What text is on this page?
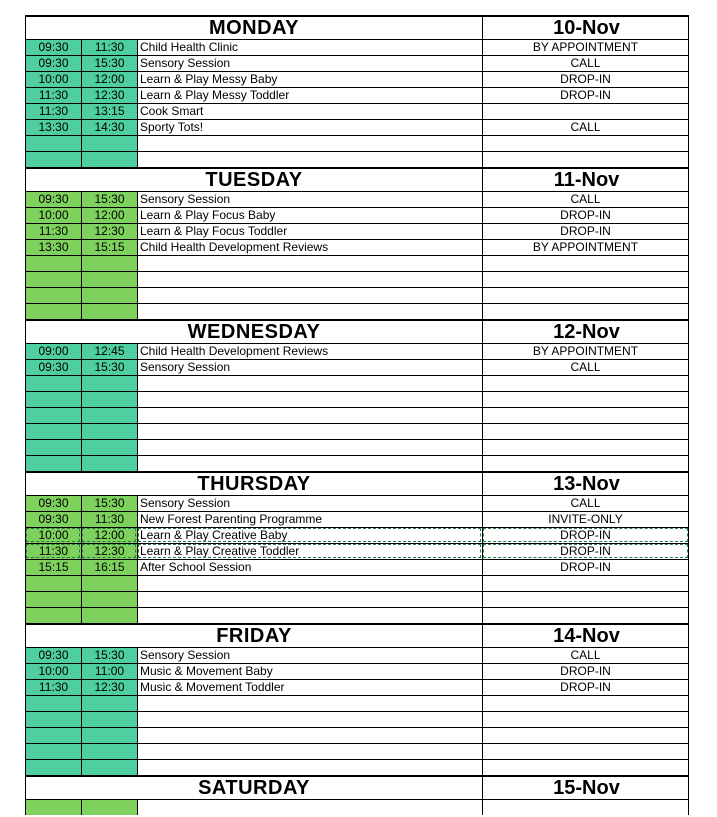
MONDAY	10-Nov
09:30	11:30	Child Health Clinic	BY APPOINTMENT
09:30	15:30	Sensory Session	CALL
10:00	12:00	Learn & Play Messy Baby	DROP-IN
11:30	12:30	Learn & Play Messy Toddler	DROP-IN
11:30	13:15	Cook Smart
13:30	14:30	Sporty Tots!	CALL
TUESDAY	11-Nov
09:30	15:30	Sensory Session	CALL
10:00	12:00	Learn & Play Focus Baby	DROP-IN
11:30	12:30	Learn & Play Focus Toddler	DROP-IN
13:30	15:15	Child Health Development Reviews	BY APPOINTMENT
WEDNESDAY	12-Nov
09:00	12:45	Child Health Development Reviews	BY APPOINTMENT
09:30	15:30	Sensory Session	CALL
THURSDAY	13-Nov
09:30	15:30	Sensory Session	CALL
09:30	11:30	New Forest Parenting Programme	INVITE-ONLY
10:00	12:00	Learn & Play Creative Baby	DROP-IN
11:30	12:30	Learn & Play Creative Toddler	DROP-IN
15:15	16:15	After School Session	DROP-IN
FRIDAY	14-Nov
09:30	15:30	Sensory Session	CALL
10:00	11:00	Music & Movement Baby	DROP-IN
11:30	12:30	Music & Movement Toddler	DROP-IN
SATURDAY	15-Nov
